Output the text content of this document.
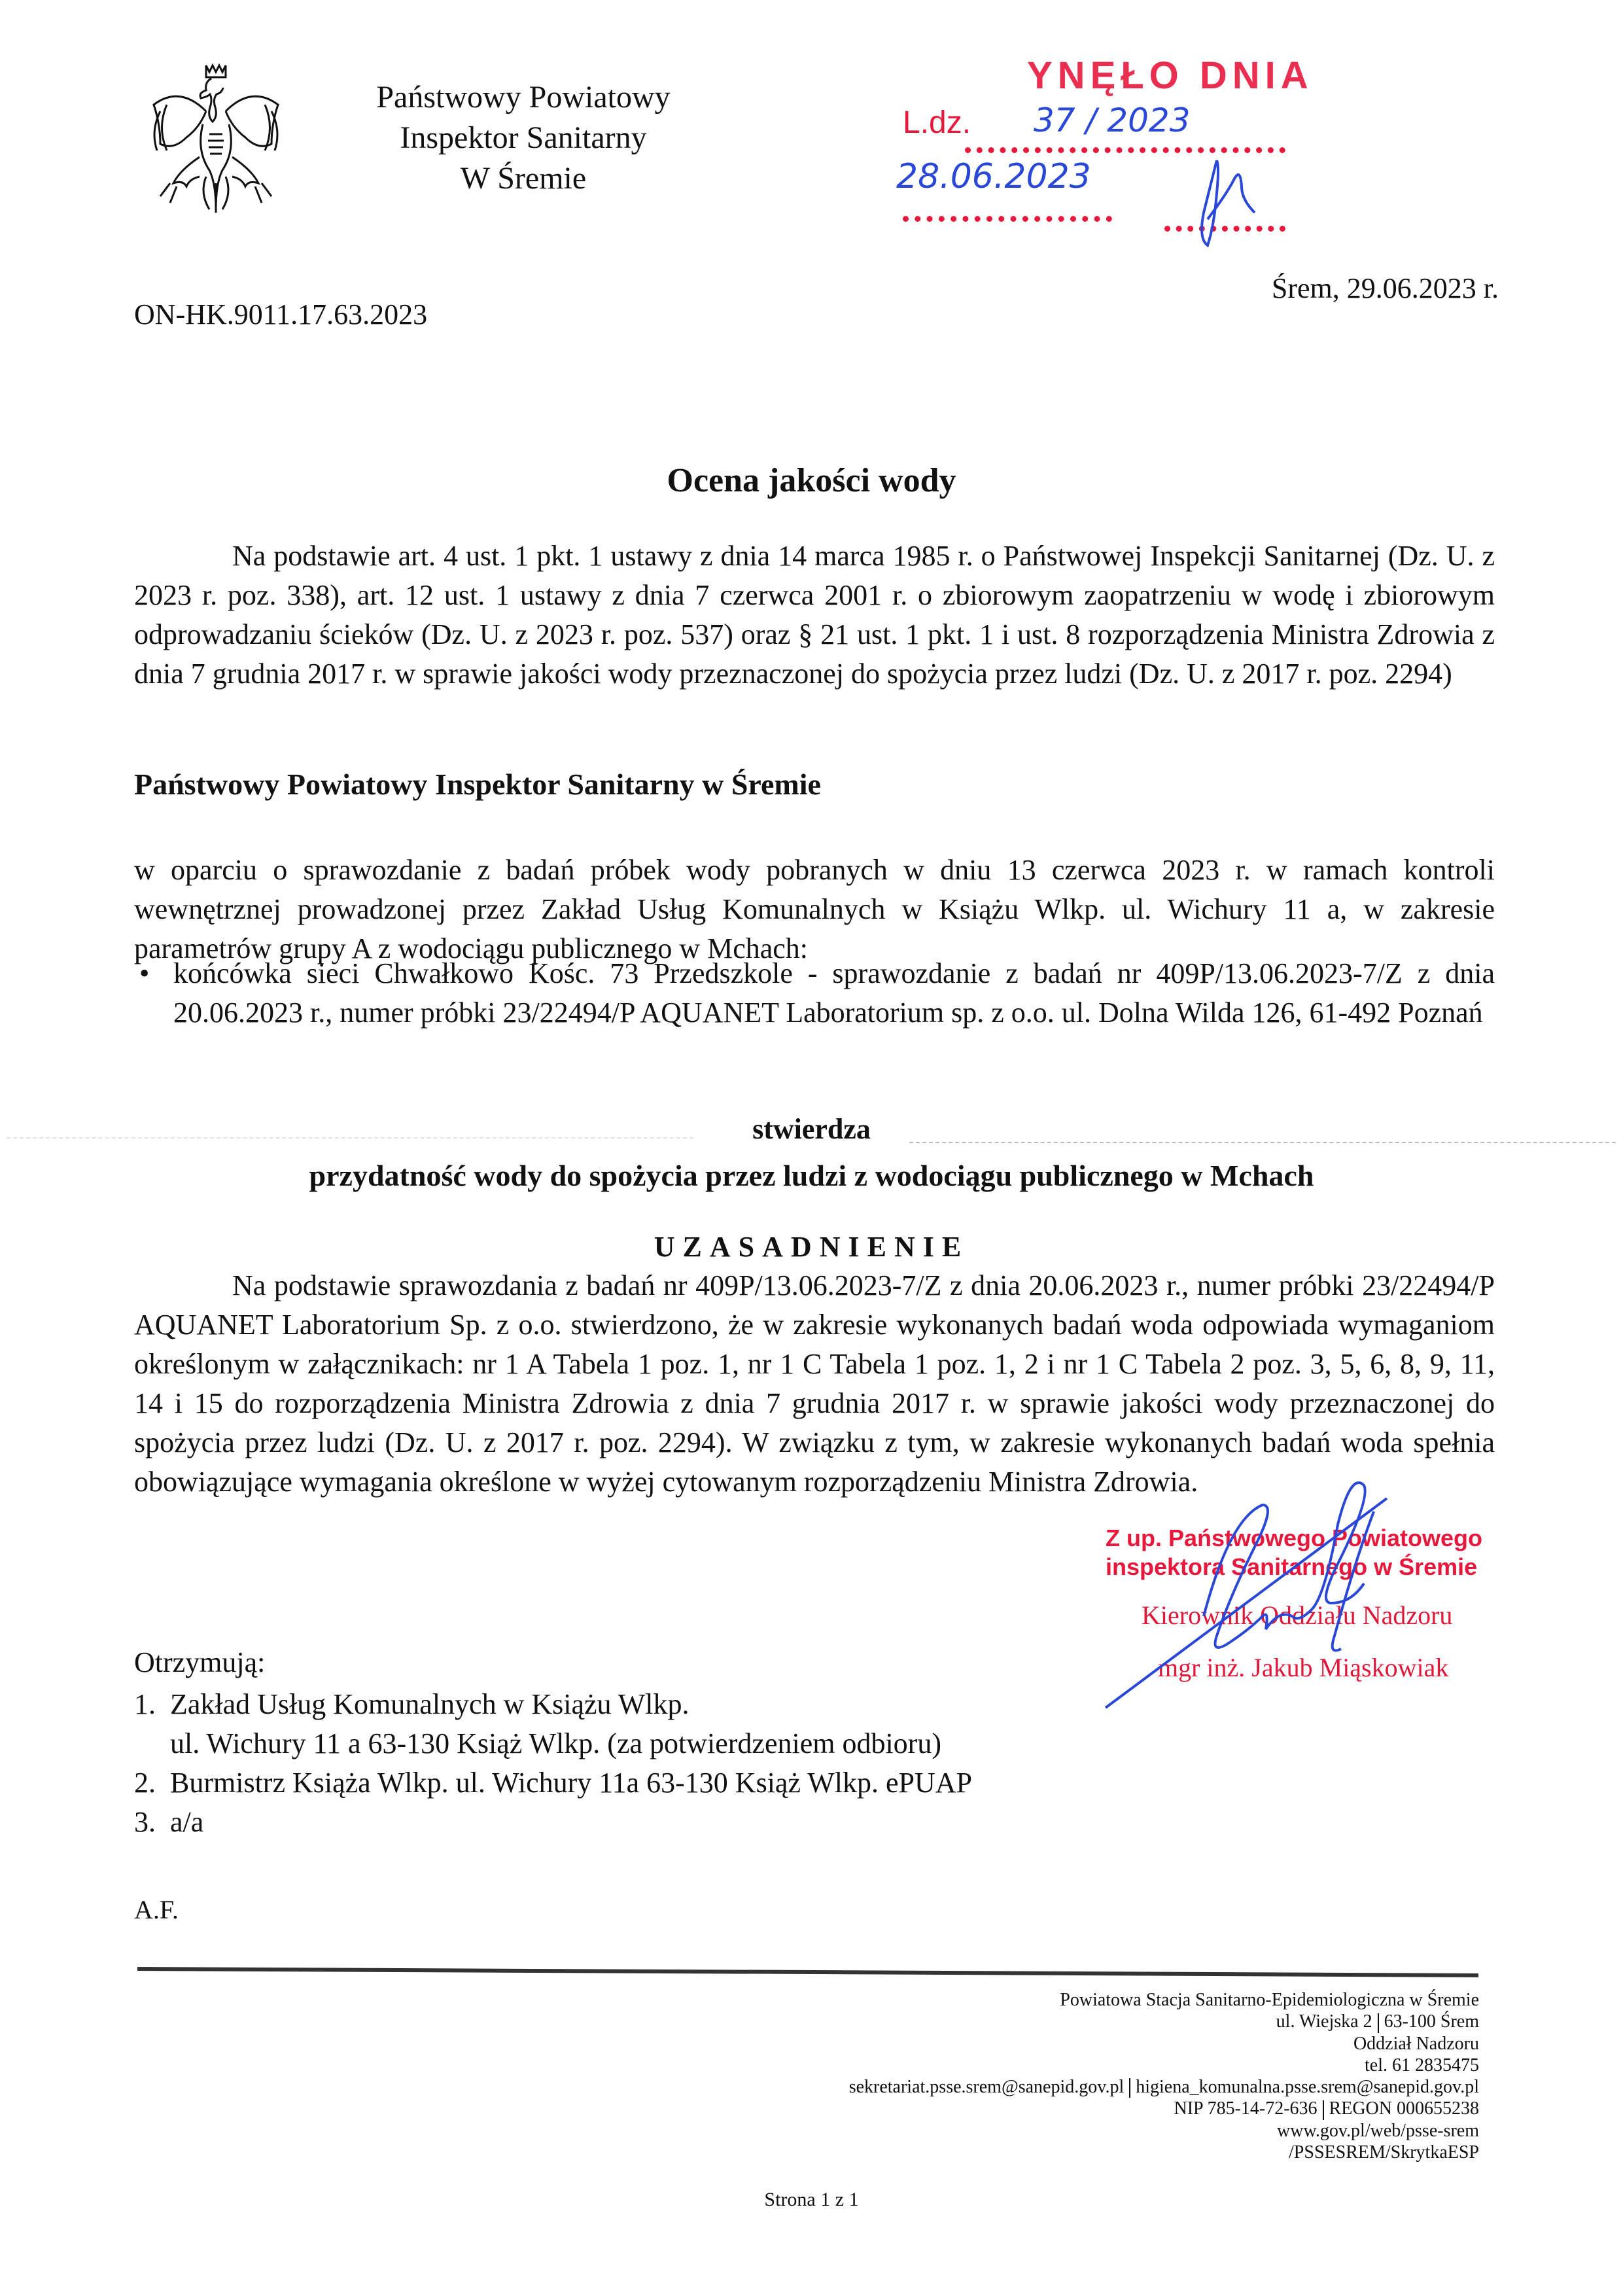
Państwowy Powiatowy
Inspektor Sanitarny
W Śremie
YNĘŁO DNIA
L.dz. 37 / 2023
28.06.2023
ON-HK.9011.17.63.2023
Śrem, 29.06.2023 r.
Ocena jakości wody
Na podstawie art. 4 ust. 1 pkt. 1 ustawy z dnia 14 marca 1985 r. o Państwowej Inspekcji Sanitarnej (Dz. U. z 2023 r. poz. 338), art. 12 ust. 1 ustawy z dnia 7 czerwca 2001 r. o zbiorowym zaopatrzeniu w wodę i zbiorowym odprowadzaniu ścieków (Dz. U. z 2023 r. poz. 537) oraz § 21 ust. 1 pkt. 1 i ust. 8 rozporządzenia Ministra Zdrowia z dnia 7 grudnia 2017 r. w sprawie jakości wody przeznaczonej do spożycia przez ludzi (Dz. U. z 2017 r. poz. 2294)
Państwowy Powiatowy Inspektor Sanitarny w Śremie
w oparciu o sprawozdanie z badań próbek wody pobranych w dniu 13 czerwca 2023 r. w ramach kontroli wewnętrznej prowadzonej przez Zakład Usług Komunalnych w Książu Wlkp. ul. Wichury 11 a, w zakresie parametrów grupy A z wodociągu publicznego w Mchach:
• końcówka sieci Chwałkowo Kośc. 73 Przedszkole - sprawozdanie z badań nr 409P/13.06.2023-7/Z z dnia 20.06.2023 r., numer próbki 23/22494/P AQUANET Laboratorium sp. z o.o. ul. Dolna Wilda 126, 61-492 Poznań
stwierdza
przydatność wody do spożycia przez ludzi z wodociągu publicznego w Mchach
UZASADNIENIE
Na podstawie sprawozdania z badań nr 409P/13.06.2023-7/Z z dnia 20.06.2023 r., numer próbki 23/22494/P AQUANET Laboratorium Sp. z o.o. stwierdzono, że w zakresie wykonanych badań woda odpowiada wymaganiom określonym w załącznikach: nr 1 A Tabela 1 poz. 1, nr 1 C Tabela 1 poz. 1, 2 i nr 1 C Tabela 2 poz. 3, 5, 6, 8, 9, 11, 14 i 15 do rozporządzenia Ministra Zdrowia z dnia 7 grudnia 2017 r. w sprawie jakości wody przeznaczonej do spożycia przez ludzi (Dz. U. z 2017 r. poz. 2294). W związku z tym, w zakresie wykonanych badań woda spełnia obowiązujące wymagania określone w wyżej cytowanym rozporządzeniu Ministra Zdrowia.
Z up. Państwowego Powiatowego
inspektora Sanitarnego w Śremie
Kierownik Oddziału Nadzoru
mgr inż. Jakub Miąskowiak
Otrzymują:
1. Zakład Usług Komunalnych w Książu Wlkp.
ul. Wichury 11 a 63-130 Książ Wlkp. (za potwierdzeniem odbioru)
2. Burmistrz Książa Wlkp. ul. Wichury 11a 63-130 Książ Wlkp. ePUAP
3. a/a
A.F.
Powiatowa Stacja Sanitarno-Epidemiologiczna w Śremie
ul. Wiejska 2 63-100 Śrem
Oddział Nadzoru
tel. 61 2835475
sekretariat.psse.srem@sanepid.gov.pl higiena_komunalna.psse.srem@sanepid.gov.pl
NIP 785-14-72-636 REGON 000655238
www.gov.pl/web/psse-srem
/PSSESREM/SkrytkaESP
Strona 1 z 1
